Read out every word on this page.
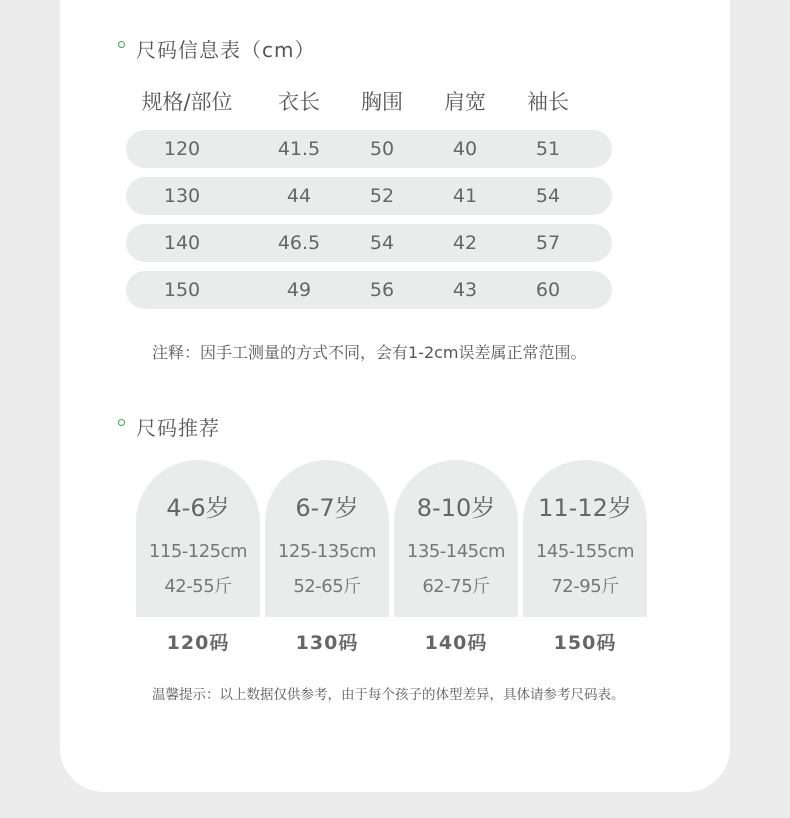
尺码信息表（cm）
规格/部位 衣长 胸围 肩宽 袖长
120	41.5	50	40	51
130	44	52	41	54
140	46.5	54	42	57
150	49	56	43	60
注释：因手工测量的方式不同，会有1-2cm误差属正常范围。
尺码推荐
4-6岁
115-125cm
42-55斤
6-7岁
125-135cm
52-65斤
8-10岁
135-145cm
62-75斤
11-12岁
145-155cm
72-95斤
120码	130码	140码	150码
温馨提示：以上数据仅供参考，由于每个孩子的体型差异，具体请参考尺码表。
